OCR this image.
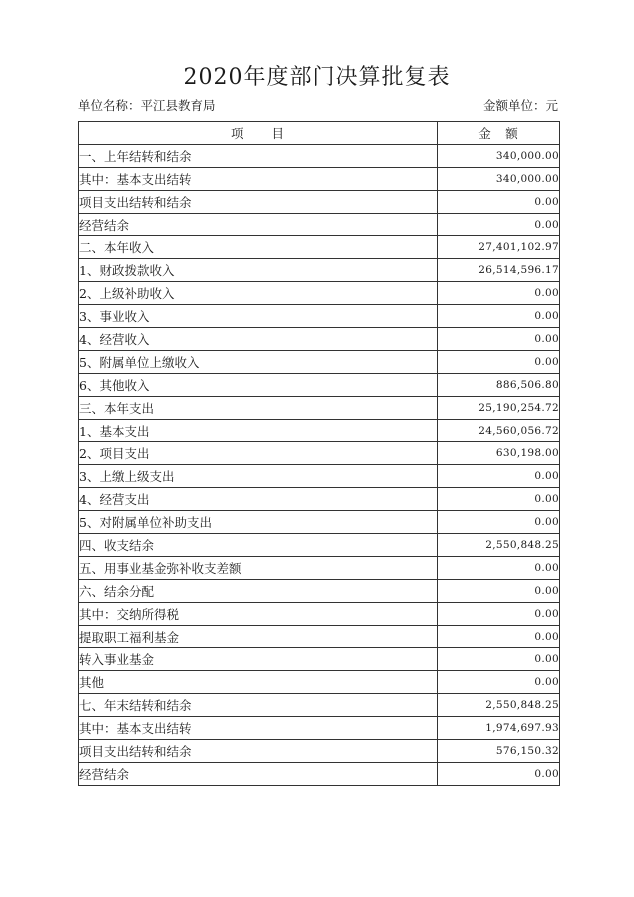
2020年度部门决算批复表
单位名称：平江县教育局	金额单位：元
项　　目	金　额
一、上年结转和结余	340,000.00
其中：基本支出结转	340,000.00
项目支出结转和结余	0.00
经营结余	0.00
二、本年收入	27,401,102.97
1、财政拨款收入	26,514,596.17
2、上级补助收入	0.00
3、事业收入	0.00
4、经营收入	0.00
5、附属单位上缴收入	0.00
6、其他收入	886,506.80
三、本年支出	25,190,254.72
1、基本支出	24,560,056.72
2、项目支出	630,198.00
3、上缴上级支出	0.00
4、经营支出	0.00
5、对附属单位补助支出	0.00
四、收支结余	2,550,848.25
五、用事业基金弥补收支差额	0.00
六、结余分配	0.00
其中：交纳所得税	0.00
提取职工福利基金	0.00
转入事业基金	0.00
其他	0.00
七、年末结转和结余	2,550,848.25
其中：基本支出结转	1,974,697.93
项目支出结转和结余	576,150.32
经营结余	0.00
